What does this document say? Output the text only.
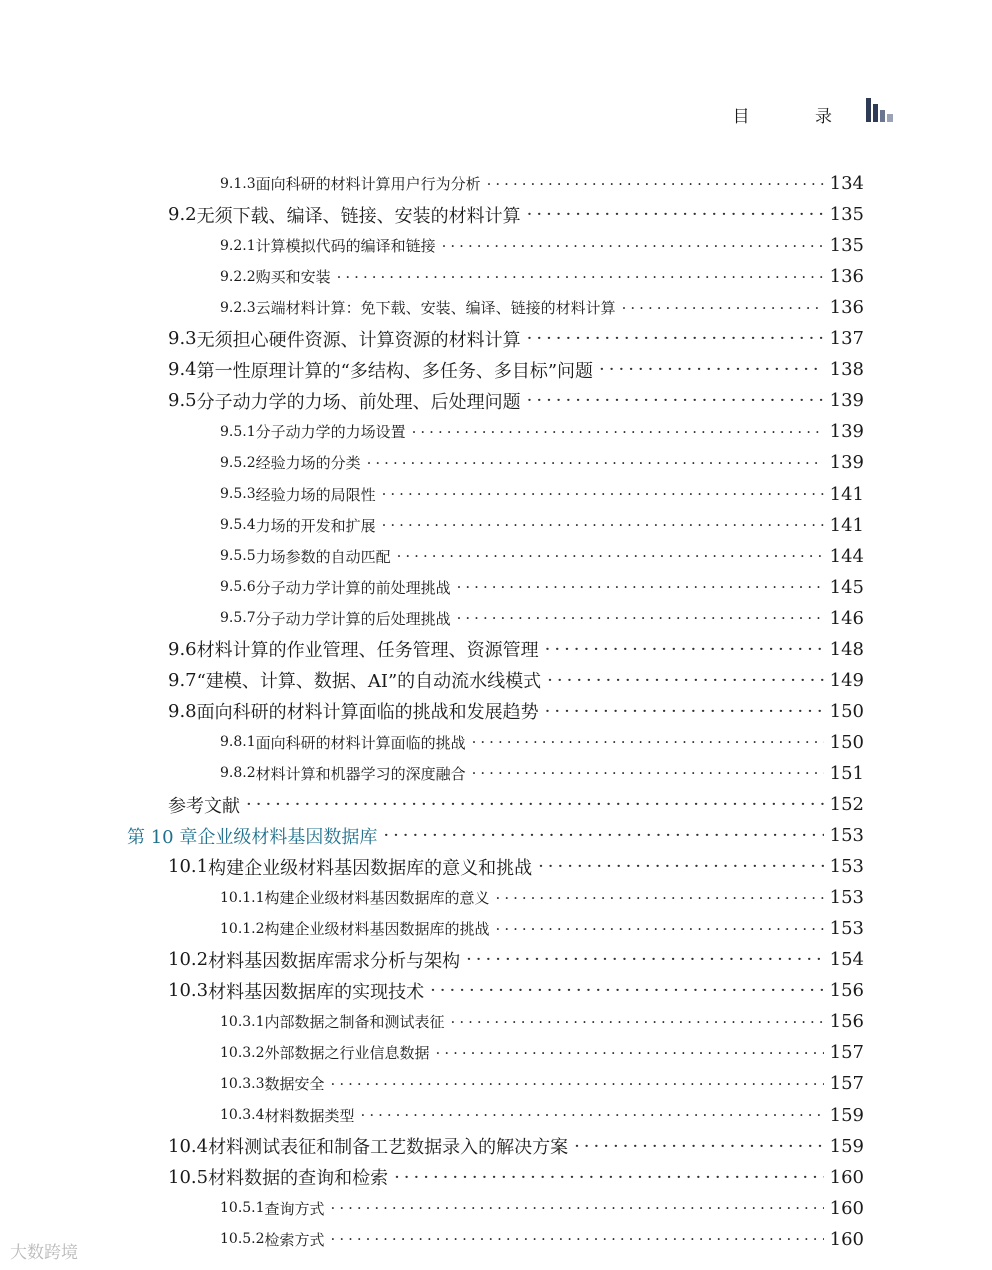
目 录
9.1.3 面向科研的材料计算用户行为分析 ·····	134
9.2 无须下载、编译、链接、安装的材料计算 ·····	135
9.2.1 计算模拟代码的编译和链接 ·····	135
9.2.2 购买和安装 ·····	136
9.2.3 云端材料计算：免下载、安装、编译、链接的材料计算 ·····	136
9.3 无须担心硬件资源、计算资源的材料计算 ·····	137
9.4 第一性原理计算的“多结构、多任务、多目标”问题 ·····	138
9.5 分子动力学的力场、前处理、后处理问题 ·····	139
9.5.1 分子动力学的力场设置 ·····	139
9.5.2 经验力场的分类 ·····	139
9.5.3 经验力场的局限性 ·····	141
9.5.4 力场的开发和扩展 ·····	141
9.5.5 力场参数的自动匹配 ·····	144
9.5.6 分子动力学计算的前处理挑战 ·····	145
9.5.7 分子动力学计算的后处理挑战 ·····	146
9.6 材料计算的作业管理、任务管理、资源管理 ·····	148
9.7 “建模、计算、数据、AI”的自动流水线模式 ·····	149
9.8 面向科研的材料计算面临的挑战和发展趋势 ·····	150
9.8.1 面向科研的材料计算面临的挑战 ·····	150
9.8.2 材料计算和机器学习的深度融合 ·····	151
参考文献 ·····	152
第 10 章 企业级材料基因数据库 ·····	153
10.1 构建企业级材料基因数据库的意义和挑战 ·····	153
10.1.1 构建企业级材料基因数据库的意义 ·····	153
10.1.2 构建企业级材料基因数据库的挑战 ·····	153
10.2 材料基因数据库需求分析与架构 ·····	154
10.3 材料基因数据库的实现技术 ·····	156
10.3.1 内部数据之制备和测试表征 ·····	156
10.3.2 外部数据之行业信息数据 ·····	157
10.3.3 数据安全 ·····	157
10.3.4 材料数据类型 ·····	159
10.4 材料测试表征和制备工艺数据录入的解决方案 ·····	159
10.5 材料数据的查询和检索 ·····	160
10.5.1 查询方式 ·····	160
10.5.2 检索方式 ·····	160
大数跨境
